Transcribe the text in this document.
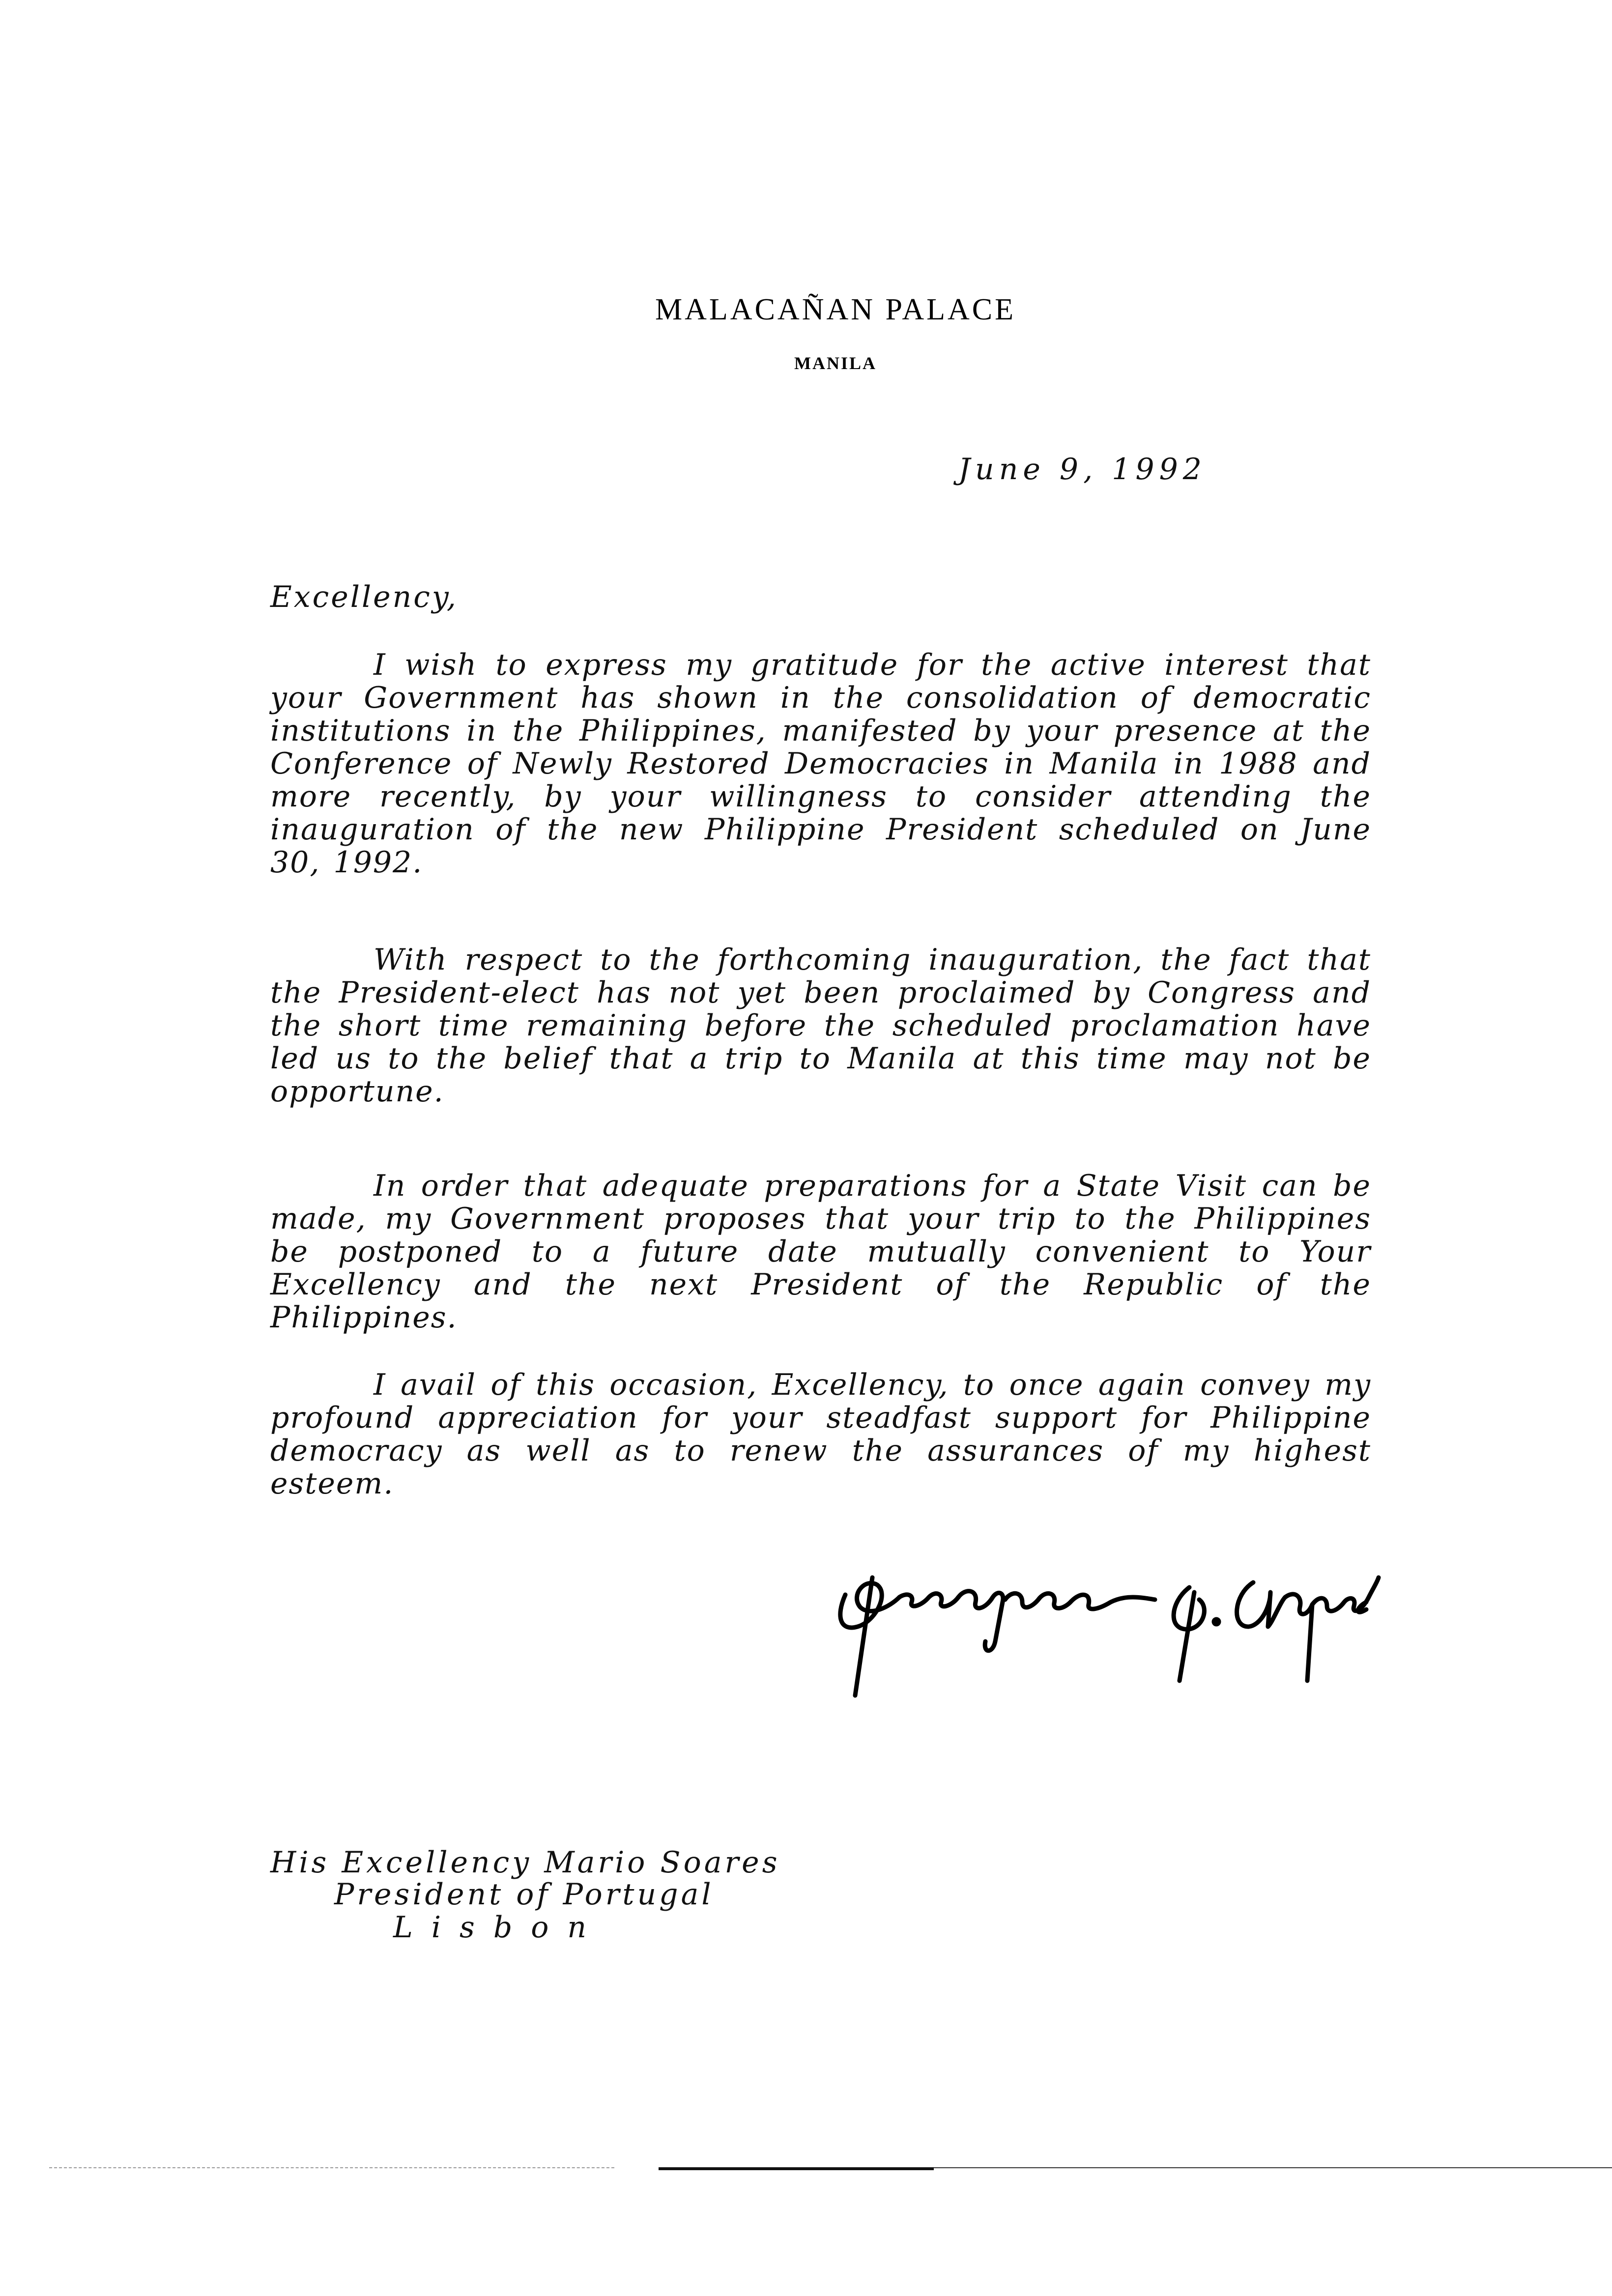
MALACAÑAN PALACE
MANILA
June 9, 1992
Excellency,

I wish to express my gratitude for the active interest that your Government has shown in the consolidation of democratic institutions in the Philippines, manifested by your presence at the Conference of Newly Restored Democracies in Manila in 1988 and more recently, by your willingness to consider attending the inauguration of the new Philippine President scheduled on June 30, 1992.

With respect to the forthcoming inauguration, the fact that the President-elect has not yet been proclaimed by Congress and the short time remaining before the scheduled proclamation have led us to the belief that a trip to Manila at this time may not be opportune.

In order that adequate preparations for a State Visit can be made, my Government proposes that your trip to the Philippines be postponed to a future date mutually convenient to Your Excellency and the next President of the Republic of the Philippines.

I avail of this occasion, Excellency, to once again convey my profound appreciation for your steadfast support for Philippine democracy as well as to renew the assurances of my highest esteem.

His Excellency Mario Soares
President of Portugal
Lisbon
